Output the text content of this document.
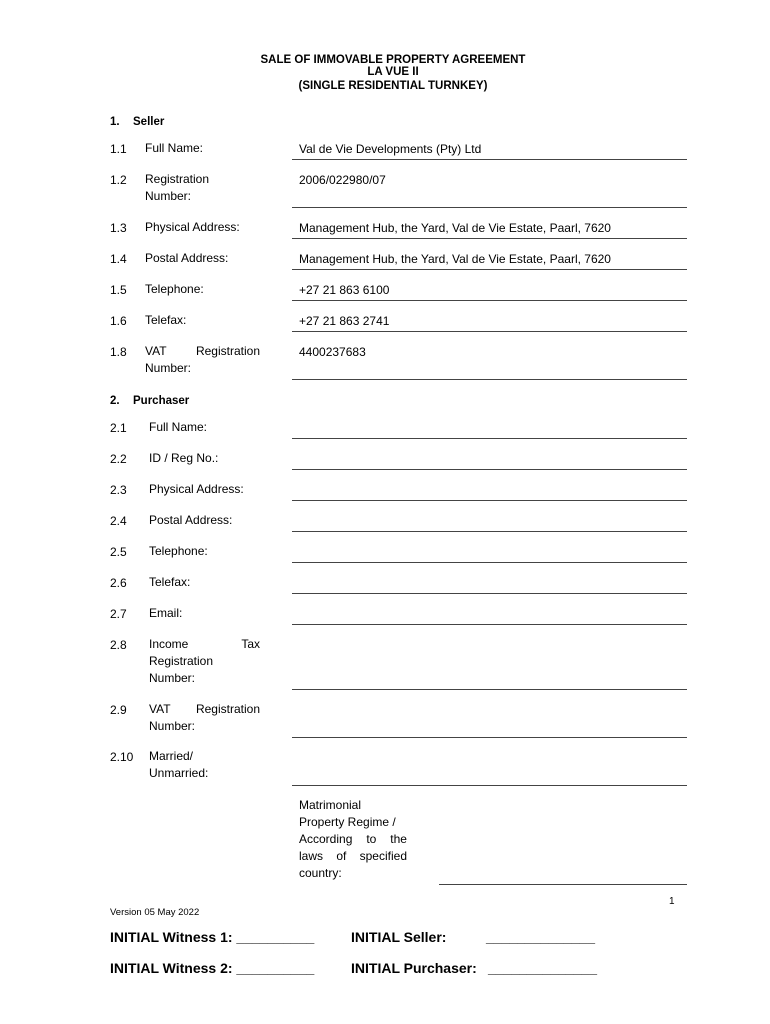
SALE OF IMMOVABLE PROPERTY AGREEMENT
LA VUE II
(SINGLE RESIDENTIAL TURNKEY)
1. Seller
1.1 Full Name:	Val de Vie Developments (Pty) Ltd
1.2 Registration
Number:
2006/022980/07
1.3 Physical Address:	Management Hub, the Yard, Val de Vie Estate, Paarl, 7620
1.4 Postal Address:	Management Hub, the Yard, Val de Vie Estate, Paarl, 7620
1.5 Telephone:	+27 21 863 6100
1.6 Telefax:	+27 21 863 2741
1.8 VAT Registration
Number:
4400237683
2. Purchaser
2.1 Full Name:
2.2 ID / Reg No.:
2.3 Physical Address:
2.4 Postal Address:
2.5 Telephone:
2.6 Telefax:
2.7 Email:
2.8 Income	Tax
Registration
Number:
2.9 VAT Registration
Number:
2.10 Married/
Unmarried:
Matrimonial
Property Regime /
According to the
laws of specified
country:
1
Version 05 May 2022
INITIAL Witness 1: __________	INITIAL Seller:	______________
INITIAL Witness 2: __________	INITIAL Purchaser: ______________
